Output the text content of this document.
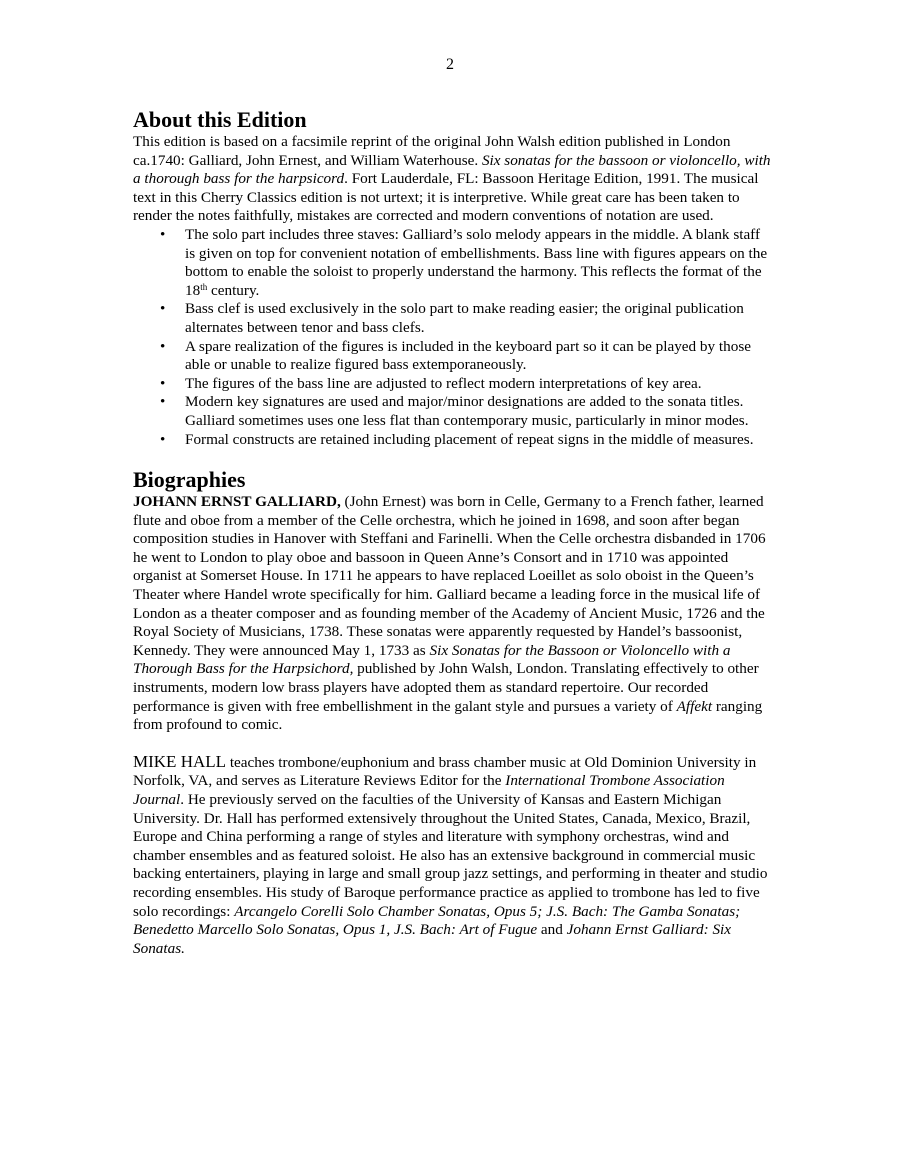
2
About this Edition

This edition is based on a facsimile reprint of the original John Walsh edition published in London ca.1740: Galliard, John Ernest, and William Waterhouse. Six sonatas for the bassoon or violoncello, with a thorough bass for the harpsicord. Fort Lauderdale, FL: Bassoon Heritage Edition, 1991. The musical text in this Cherry Classics edition is not urtext; it is interpretive. While great care has been taken to render the notes faithfully, mistakes are corrected and modern conventions of notation are used.

• The solo part includes three staves: Galliard’s solo melody appears in the middle. A blank staff is given on top for convenient notation of embellishments. Bass line with figures appears on the bottom to enable the soloist to properly understand the harmony. This reflects the format of the 18th century.
• Bass clef is used exclusively in the solo part to make reading easier; the original publication alternates between tenor and bass clefs.
• A spare realization of the figures is included in the keyboard part so it can be played by those able or unable to realize figured bass extemporaneously.
• The figures of the bass line are adjusted to reflect modern interpretations of key area.
• Modern key signatures are used and major/minor designations are added to the sonata titles. Galliard sometimes uses one less flat than contemporary music, particularly in minor modes.
• Formal constructs are retained including placement of repeat signs in the middle of measures.
Biographies

JOHANN ERNST GALLIARD, (John Ernest) was born in Celle, Germany to a French father, learned flute and oboe from a member of the Celle orchestra, which he joined in 1698, and soon after began composition studies in Hanover with Steffani and Farinelli. When the Celle orchestra disbanded in 1706 he went to London to play oboe and bassoon in Queen Anne’s Consort and in 1710 was appointed organist at Somerset House. In 1711 he appears to have replaced Loeillet as solo oboist in the Queen’s Theater where Handel wrote specifically for him. Galliard became a leading force in the musical life of London as a theater composer and as founding member of the Academy of Ancient Music, 1726 and the Royal Society of Musicians, 1738. These sonatas were apparently requested by Handel’s bassoonist, Kennedy. They were announced May 1, 1733 as Six Sonatas for the Bassoon or Violoncello with a Thorough Bass for the Harpsichord, published by John Walsh, London. Translating effectively to other instruments, modern low brass players have adopted them as standard repertoire. Our recorded performance is given with free embellishment in the galant style and pursues a variety of Affekt ranging from profound to comic.

MIKE HALL teaches trombone/euphonium and brass chamber music at Old Dominion University in Norfolk, VA, and serves as Literature Reviews Editor for the International Trombone Association Journal. He previously served on the faculties of the University of Kansas and Eastern Michigan University. Dr. Hall has performed extensively throughout the United States, Canada, Mexico, Brazil, Europe and China performing a range of styles and literature with symphony orchestras, wind and chamber ensembles and as featured soloist. He also has an extensive background in commercial music backing entertainers, playing in large and small group jazz settings, and performing in theater and studio recording ensembles. His study of Baroque performance practice as applied to trombone has led to five solo recordings: Arcangelo Corelli Solo Chamber Sonatas, Opus 5; J.S. Bach: The Gamba Sonatas; Benedetto Marcello Solo Sonatas, Opus 1, J.S. Bach: Art of Fugue and Johann Ernst Galliard: Six Sonatas.
